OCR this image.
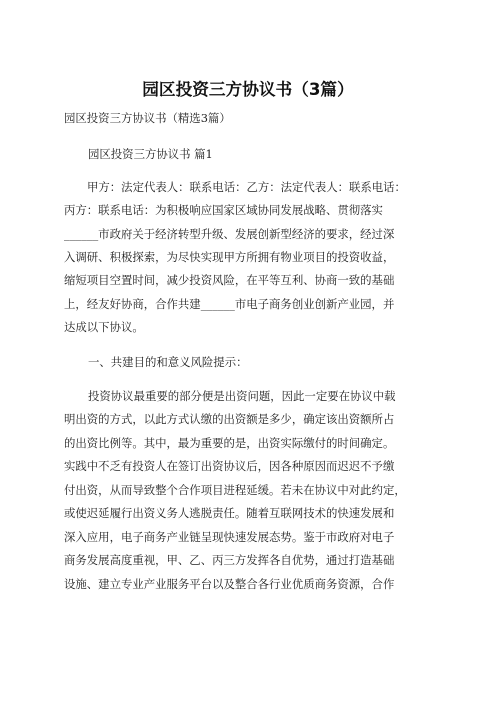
园区投资三方协议书（3篇）
园区投资三方协议书（精选3篇）
园区投资三方协议书 篇1
甲方：法定代表人：联系电话：乙方：法定代表人：联系电话：
丙方：联系电话：为积极响应国家区域协同发展战略、贯彻落实
______市政府关于经济转型升级、发展创新型经济的要求，经过深
入调研、积极探索，为尽快实现甲方所拥有物业项目的投资收益，
缩短项目空置时间，减少投资风险，在平等互利、协商一致的基础
上，经友好协商，合作共建______市电子商务创业创新产业园，并
达成以下协议。
一、共建目的和意义风险提示：
投资协议最重要的部分便是出资问题，因此一定要在协议中载
明出资的方式，以此方式认缴的出资额是多少，确定该出资额所占
的出资比例等。其中，最为重要的是，出资实际缴付的时间确定。
实践中不乏有投资人在签订出资协议后，因各种原因而迟迟不予缴
付出资，从而导致整个合作项目进程延缓。若未在协议中对此约定，
或使迟延履行出资义务人逃脱责任。随着互联网技术的快速发展和
深入应用，电子商务产业链呈现快速发展态势。鉴于市政府对电子
商务发展高度重视，甲、乙、丙三方发挥各自优势，通过打造基础
设施、建立专业产业服务平台以及整合各行业优质商务资源，合作
